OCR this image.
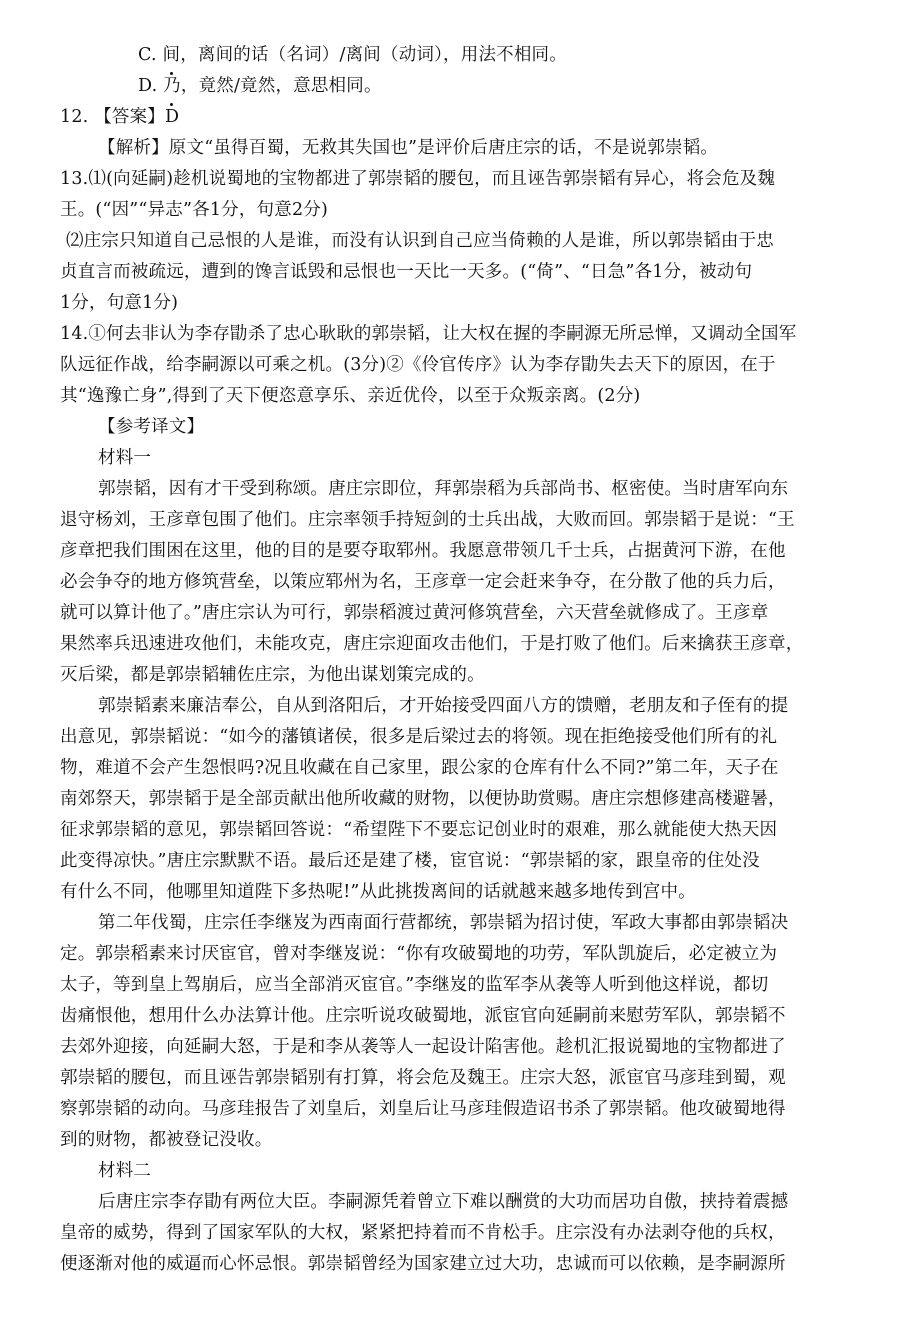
C. 间，离间的话（名词）/离间（动词），用法不相同。
D. 乃，竟然/竟然，意思相同。
12. 【答案】D
【解析】原文“虽得百蜀，无救其失国也”是评价后唐庄宗的话，不是说郭崇韬。
13.⑴(向延嗣)趁机说蜀地的宝物都进了郭崇韬的腰包，而且诬告郭崇韬有异心，将会危及魏
王。(“因”“异志”各1分，句意2分)
⑵庄宗只知道自己忌恨的人是谁，而没有认识到自己应当倚赖的人是谁，所以郭崇韬由于忠
贞直言而被疏远，遭到的馋言诋毁和忌恨也一天比一天多。(“倚”、“日急”各1分，被动句
1分，句意1分)
14.①何去非认为李存勖杀了忠心耿耿的郭崇韬，让大权在握的李嗣源无所忌惮，又调动全国军
队远征作战，给李嗣源以可乘之机。(3分)②《伶官传序》认为李存勖失去天下的原因，在于
其“逸豫亡身”,得到了天下便恣意享乐、亲近优伶，以至于众叛亲离。(2分)
【参考译文】
材料一
郭崇韬，因有才干受到称颂。唐庄宗即位，拜郭崇稻为兵部尚书、枢密使。当时唐军向东
退守杨刘，王彦章包围了他们。庄宗率领手持短剑的士兵出战，大败而回。郭崇韬于是说：“王
彦章把我们围困在这里，他的目的是要夺取郓州。我愿意带领几千士兵，占据黄河下游，在他
必会争夺的地方修筑营垒，以策应郓州为名，王彦章一定会赶来争夺，在分散了他的兵力后，
就可以算计他了。”唐庄宗认为可行，郭崇稻渡过黄河修筑营垒，六天营垒就修成了。王彦章
果然率兵迅速进攻他们，未能攻克，唐庄宗迎面攻击他们，于是打败了他们。后来擒获王彦章，
灭后梁，都是郭崇韬辅佐庄宗，为他出谋划策完成的。
郭崇韬素来廉洁奉公，自从到洛阳后，才开始接受四面八方的馈赠，老朋友和子侄有的提
出意见，郭崇韬说：“如今的藩镇诸侯，很多是后梁过去的将领。现在拒绝接受他们所有的礼
物，难道不会产生怨恨吗?况且收藏在自己家里，跟公家的仓库有什么不同?”第二年，天子在
南郊祭天，郭崇韬于是全部贡献出他所收藏的财物，以便协助赏赐。唐庄宗想修建高楼避暑，
征求郭崇韬的意见，郭崇韬回答说：“希望陛下不要忘记创业时的艰难，那么就能使大热天因
此变得凉快。”唐庄宗默默不语。最后还是建了楼，宦官说：“郭崇韬的家，跟皇帝的住处没
有什么不同，他哪里知道陛下多热呢!”从此挑拨离间的话就越来越多地传到宫中。
第二年伐蜀，庄宗任李继岌为西南面行营都统，郭崇韬为招讨使，军政大事都由郭崇韬决
定。郭崇稻素来讨厌宦官，曾对李继岌说：“你有攻破蜀地的功劳，军队凯旋后，必定被立为
太子，等到皇上驾崩后，应当全部消灭宦官。”李继岌的监军李从袭等人听到他这样说，都切
齿痛恨他，想用什么办法算计他。庄宗听说攻破蜀地，派宦官向延嗣前来慰劳军队，郭崇韬不
去郊外迎接，向延嗣大怒，于是和李从袭等人一起设计陷害他。趁机汇报说蜀地的宝物都进了
郭崇韬的腰包，而且诬告郭崇韬别有打算，将会危及魏王。庄宗大怒，派宦官马彦珪到蜀，观
察郭崇韬的动向。马彦珪报告了刘皇后，刘皇后让马彦珪假造诏书杀了郭崇韬。他攻破蜀地得
到的财物，都被登记没收。
材料二
后唐庄宗李存勖有两位大臣。李嗣源凭着曾立下难以酬赏的大功而居功自傲，挟持着震撼
皇帝的威势，得到了国家军队的大权，紧紧把持着而不肯松手。庄宗没有办法剥夺他的兵权，
便逐渐对他的威逼而心怀忌恨。郭崇韬曾经为国家建立过大功，忠诚而可以依赖，是李嗣源所
